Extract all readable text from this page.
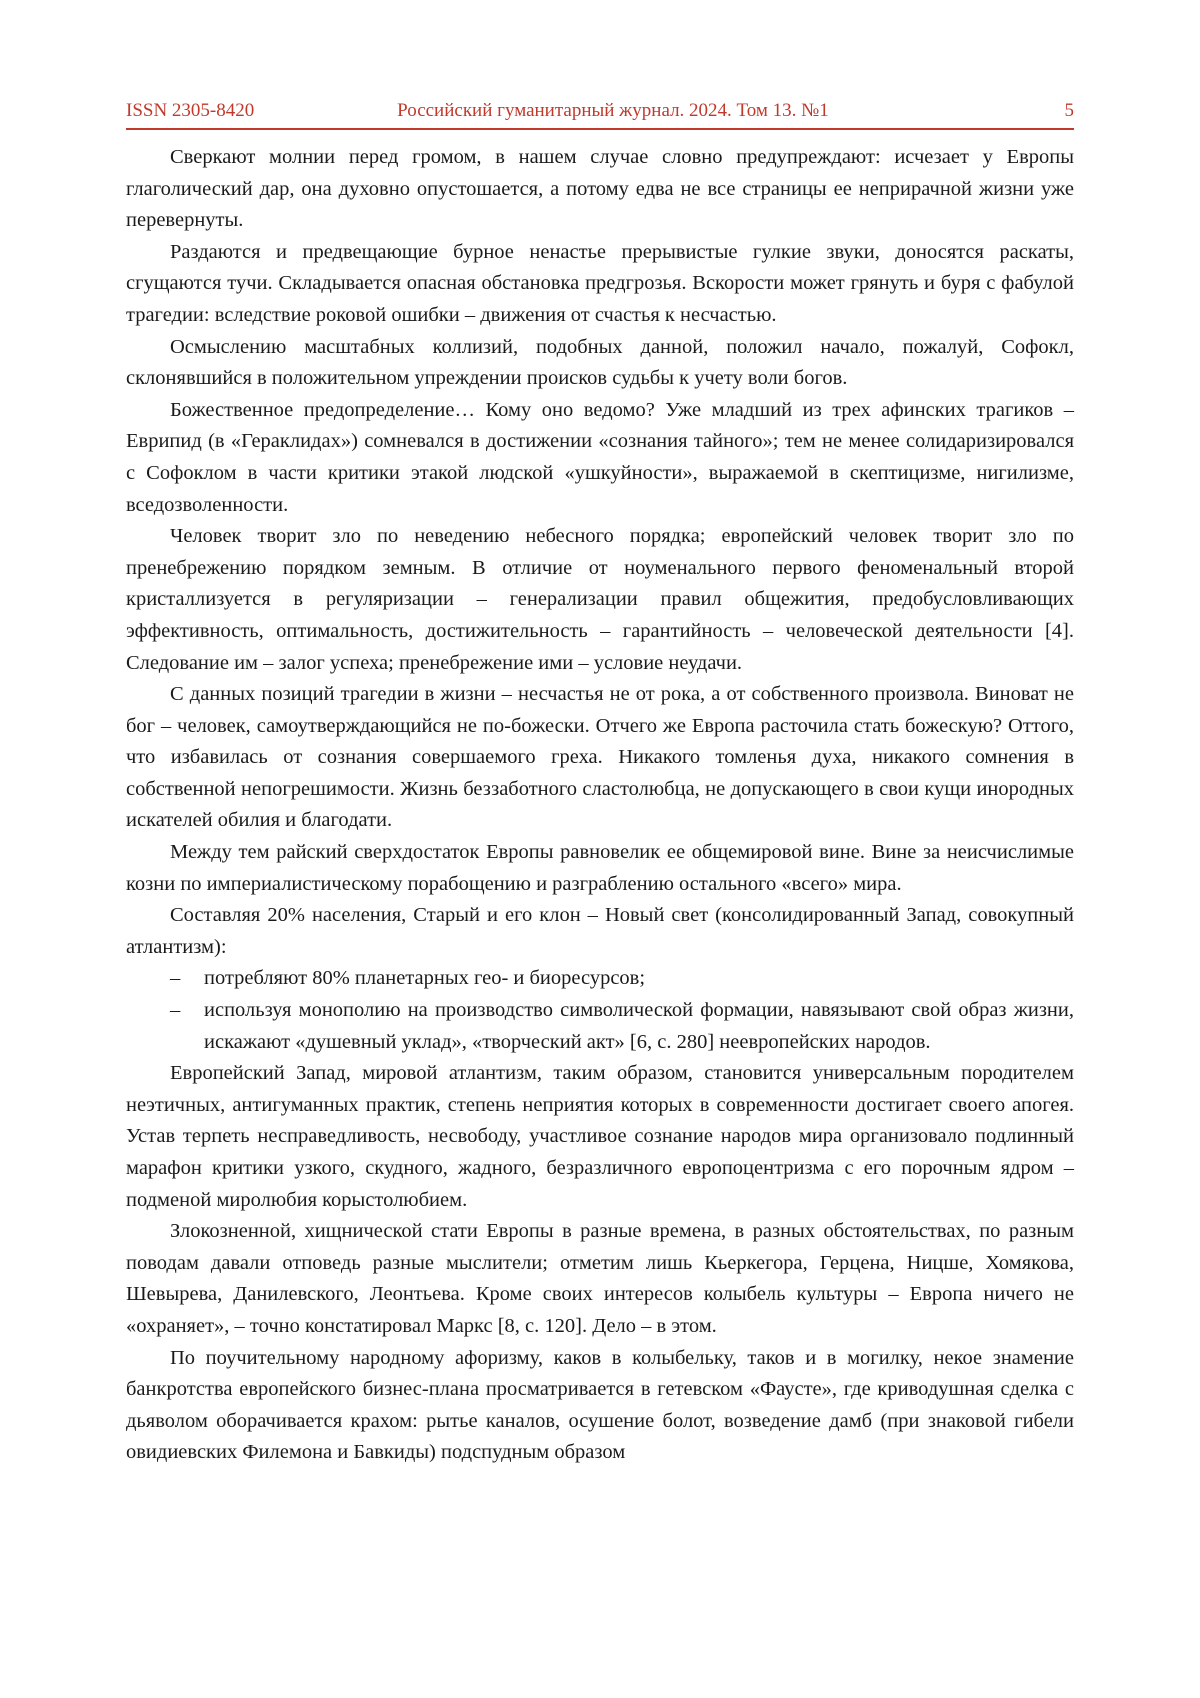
ISSN 2305-8420	Российский гуманитарный журнал. 2024. Том 13. №1	5

Сверкают молнии перед громом, в нашем случае словно предупреждают: исчезает у Европы глаголический дар, она духовно опустошается, а потому едва не все страницы ее неприрачной жизни уже перевернуты.

Раздаются и предвещающие бурное ненастье прерывистые гулкие звуки, доносятся раскаты, сгущаются тучи. Складывается опасная обстановка предгрозья. Вскорости может грянуть и буря с фабулой трагедии: вследствие роковой ошибки – движения от счастья к несчастью.

Осмыслению масштабных коллизий, подобных данной, положил начало, пожалуй, Софокл, склонявшийся в положительном упреждении происков судьбы к учету воли богов.

Божественное предопределение… Кому оно ведомо? Уже младший из трех афинских трагиков – Еврипид (в «Гераклидах») сомневался в достижении «сознания тайного»; тем не менее солидаризировался с Софоклом в части критики этакой людской «ушкуйности», выражаемой в скептицизме, нигилизме, вседозволенности.

Человек творит зло по неведению небесного порядка; европейский человек творит зло по пренебрежению порядком земным. В отличие от ноуменального первого феноменальный второй кристаллизуется в регуляризации – генерализации правил общежития, предобусловливающих эффективность, оптимальность, достижительность – гарантийность – человеческой деятельности [4]. Следование им – залог успеха; пренебрежение ими – условие неудачи.

С данных позиций трагедии в жизни – несчастья не от рока, а от собственного произвола. Виноват не бог – человек, самоутверждающийся не по-божески. Отчего же Европа расточила стать божескую? Оттого, что избавилась от сознания совершаемого греха. Никакого томленья духа, никакого сомнения в собственной непогрешимости. Жизнь беззаботного сластолюбца, не допускающего в свои кущи инородных искателей обилия и благодати.

Между тем райский сверхдостаток Европы равновелик ее общемировой вине. Вине за неисчислимые козни по империалистическому порабощению и разграблению остального «всего» мира.

Составляя 20% населения, Старый и его клон – Новый свет (консолидированный Запад, совокупный атлантизм):

– потребляют 80% планетарных гео- и биоресурсов;
– используя монополию на производство символической формации, навязывают свой образ жизни, искажают «душевный уклад», «творческий акт» [6, с. 280] неевропейских народов.

Европейский Запад, мировой атлантизм, таким образом, становится универсальным породителем неэтичных, антигуманных практик, степень неприятия которых в современности достигает своего апогея. Устав терпеть несправедливость, несвободу, участливое сознание народов мира организовало подлинный марафон критики узкого, скудного, жадного, безразличного европоцентризма с его порочным ядром – подменой миролюбия корыстолюбием.

Злокозненной, хищнической стати Европы в разные времена, в разных обстоятельствах, по разным поводам давали отповедь разные мыслители; отметим лишь Кьеркегора, Герцена, Ницше, Хомякова, Шевырева, Данилевского, Леонтьева. Кроме своих интересов колыбель культуры – Европа ничего не «охраняет», – точно констатировал Маркс [8, с. 120]. Дело – в этом.

По поучительному народному афоризму, каков в колыбельку, таков и в могилку, некое знамение банкротства европейского бизнес-плана просматривается в гетевском «Фаусте», где криводушная сделка с дьяволом оборачивается крахом: рытье каналов, осушение болот, возведение дамб (при знаковой гибели овидиевских Филемона и Бавкиды) подспудным образом
